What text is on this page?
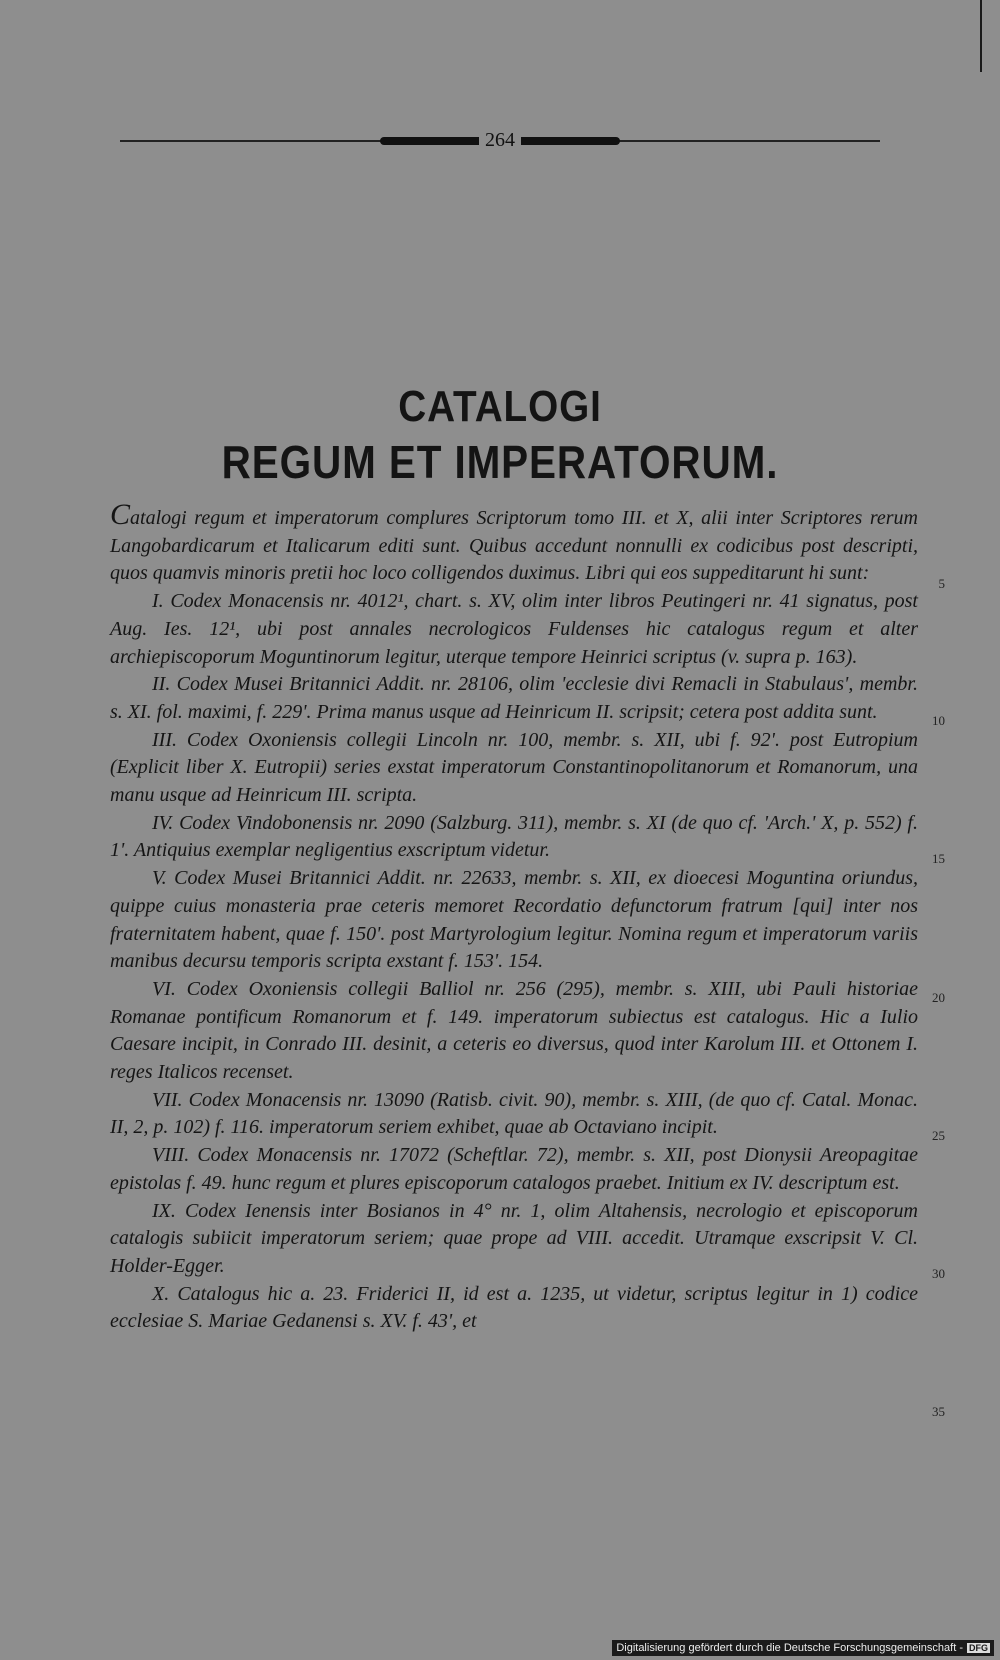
264
CATALOGI
REGUM ET IMPERATORUM.

Catalogi regum et imperatorum complures Scriptorum tomo III. et X, alii inter Scriptores rerum Langobardicarum et Italicarum editi sunt. Quibus accedunt nonnulli ex codicibus post descripti, quos quamvis minoris pretii hoc loco colligendos duximus. Libri qui eos suppeditarunt hi sunt:

I. Codex Monacensis nr. 4012¹, chart. s. XV, olim inter libros Peutingeri nr. 41 signatus, post Aug. Ies. 12¹, ubi post annales necrologicos Fuldenses hic catalogus regum et alter archiepiscoporum Moguntinorum legitur, uterque tempore Heinrici scriptus (v. supra p. 163).

II. Codex Musei Britannici Addit. nr. 28106, olim 'ecclesie divi Remacli in Stabulaus', membr. s. XI. fol. maximi, f. 229'. Prima manus usque ad Heinricum II. scripsit; cetera post addita sunt.

III. Codex Oxoniensis collegii Lincoln nr. 100, membr. s. XII, ubi f. 92'. post Eutropium (Explicit liber X. Eutropii) series exstat imperatorum Constantinopolitanorum et Romanorum, una manu usque ad Heinricum III. scripta.

IV. Codex Vindobonensis nr. 2090 (Salzburg. 311), membr. s. XI (de quo cf. 'Arch.' X, p. 552) f. 1'. Antiquius exemplar negligentius exscriptum videtur.

V. Codex Musei Britannici Addit. nr. 22633, membr. s. XII, ex dioecesi Moguntina oriundus, quippe cuius monasteria prae ceteris memoret Recordatio defunctorum fratrum [qui] inter nos fraternitatem habent, quae f. 150'. post Martyrologium legitur. Nomina regum et imperatorum variis manibus decursu temporis scripta exstant f. 153'. 154.

VI. Codex Oxoniensis collegii Balliol nr. 256 (295), membr. s. XIII, ubi Pauli historiae Romanae pontificum Romanorum et f. 149. imperatorum subiectus est catalogus. Hic a Iulio Caesare incipit, in Conrado III. desinit, a ceteris eo diversus, quod inter Karolum III. et Ottonem I. reges Italicos recenset.

VII. Codex Monacensis nr. 13090 (Ratisb. civit. 90), membr. s. XIII, (de quo cf. Catal. Monac. II, 2, p. 102) f. 116. imperatorum seriem exhibet, quae ab Octaviano incipit.

VIII. Codex Monacensis nr. 17072 (Scheftlar. 72), membr. s. XII, post Dionysii Areopagitae epistolas f. 49. hunc regum et plures episcoporum catalogos praebet. Initium ex IV. descriptum est.

IX. Codex Ienensis inter Bosianos in 4° nr. 1, olim Altahensis, necrologio et episcoporum catalogis subiicit imperatorum seriem; quae prope ad VIII. accedit. Utramque exscripsit V. Cl. Holder-Egger.

X. Catalogus hic a. 23. Friderici II, id est a. 1235, ut videtur, scriptus legitur in 1) codice ecclesiae S. Mariae Gedanensi s. XV. f. 43', et

5
10
15
20
25
30
35
Digitalisierung gefördert durch die Deutsche Forschungsgemeinschaft - DFG
